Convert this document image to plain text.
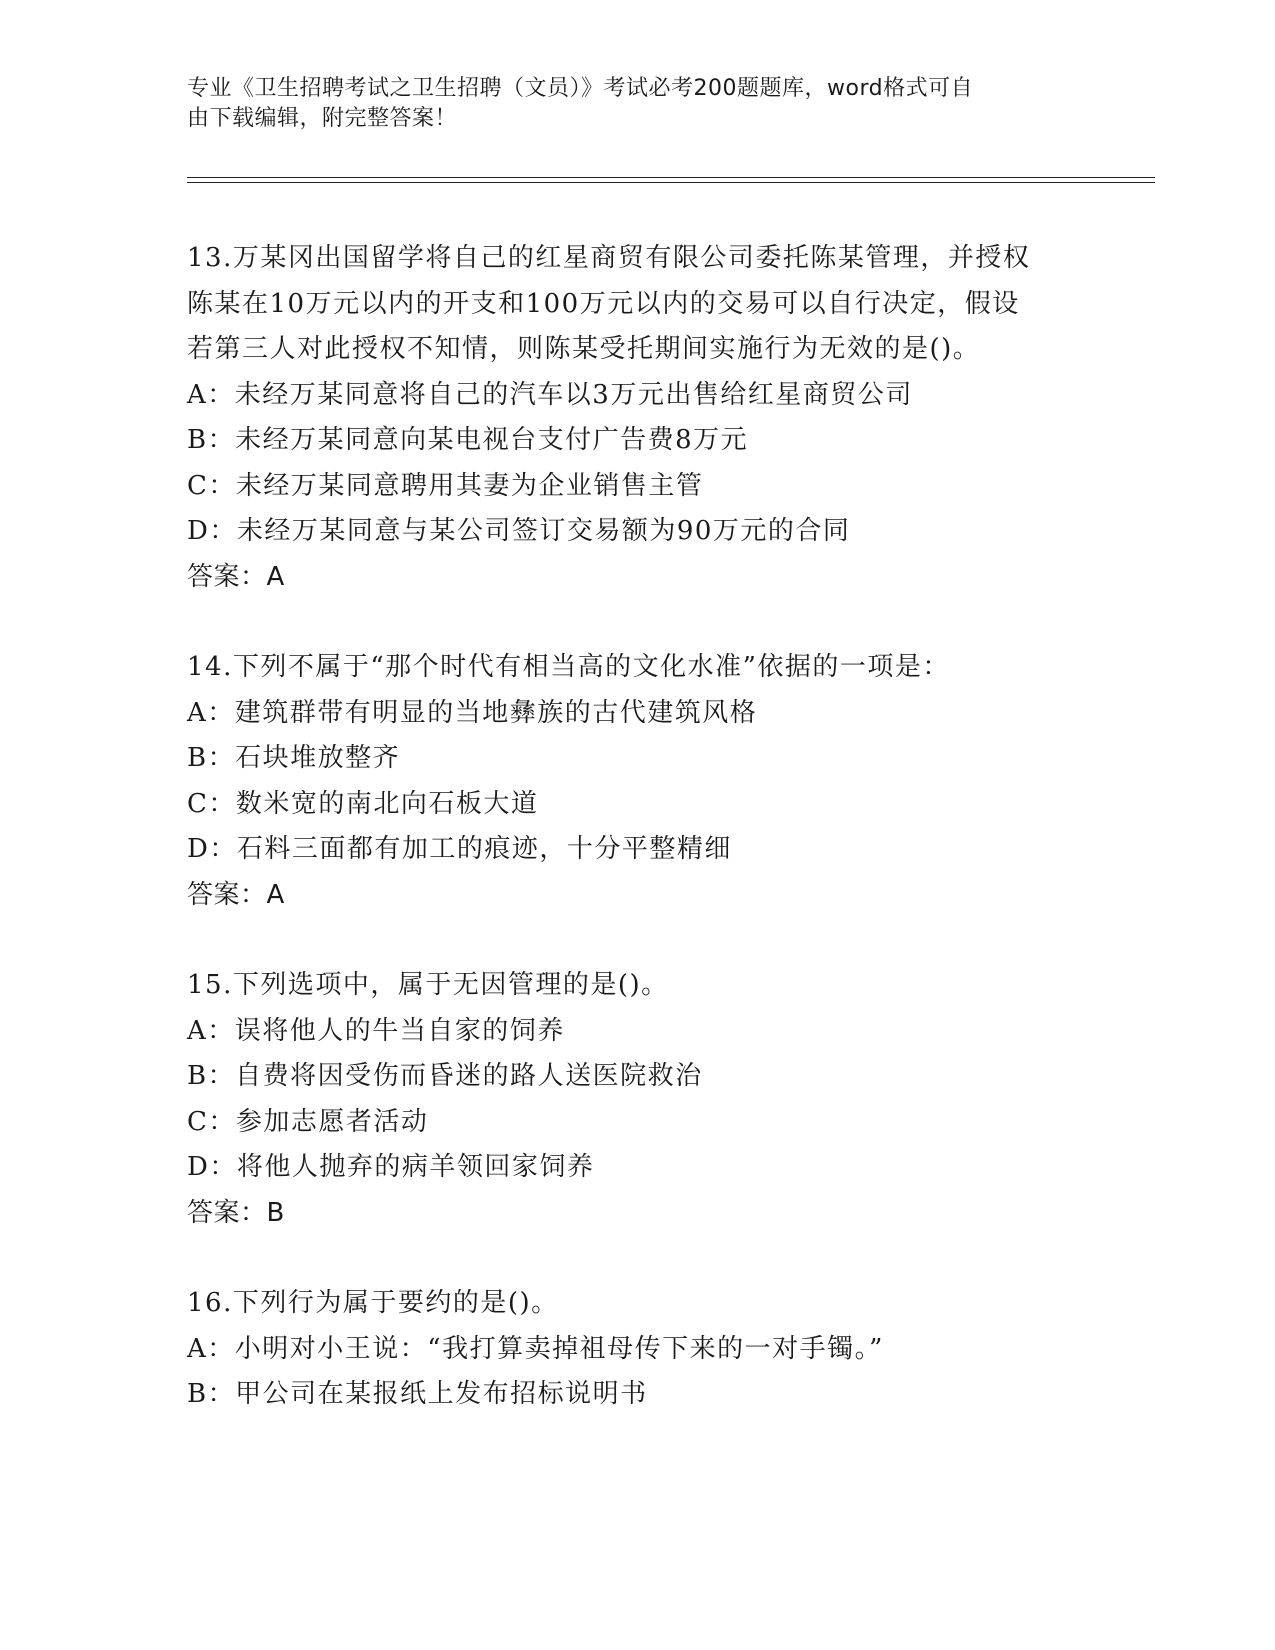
专业《卫生招聘考试之卫生招聘（文员）》考试必考200题题库，word格式可自
由下载编辑，附完整答案！
13.万某冈出国留学将自己的红星商贸有限公司委托陈某管理，并授权
陈某在10万元以内的开支和100万元以内的交易可以自行决定，假设
若第三人对此授权不知情，则陈某受托期间实施行为无效的是()。
A：未经万某同意将自己的汽车以3万元出售给红星商贸公司
B：未经万某同意向某电视台支付广告费8万元
C：未经万某同意聘用其妻为企业销售主管
D：未经万某同意与某公司签订交易额为90万元的合同
答案：A
14.下列不属于“那个时代有相当高的文化水准”依据的一项是：
A：建筑群带有明显的当地彝族的古代建筑风格
B：石块堆放整齐
C：数米宽的南北向石板大道
D：石料三面都有加工的痕迹，十分平整精细
答案：A
15.下列选项中，属于无因管理的是()。
A：误将他人的牛当自家的饲养
B：自费将因受伤而昏迷的路人送医院救治
C：参加志愿者活动
D：将他人抛弃的病羊领回家饲养
答案：B
16.下列行为属于要约的是()。
A：小明对小王说：“我打算卖掉祖母传下来的一对手镯。”
B：甲公司在某报纸上发布招标说明书
